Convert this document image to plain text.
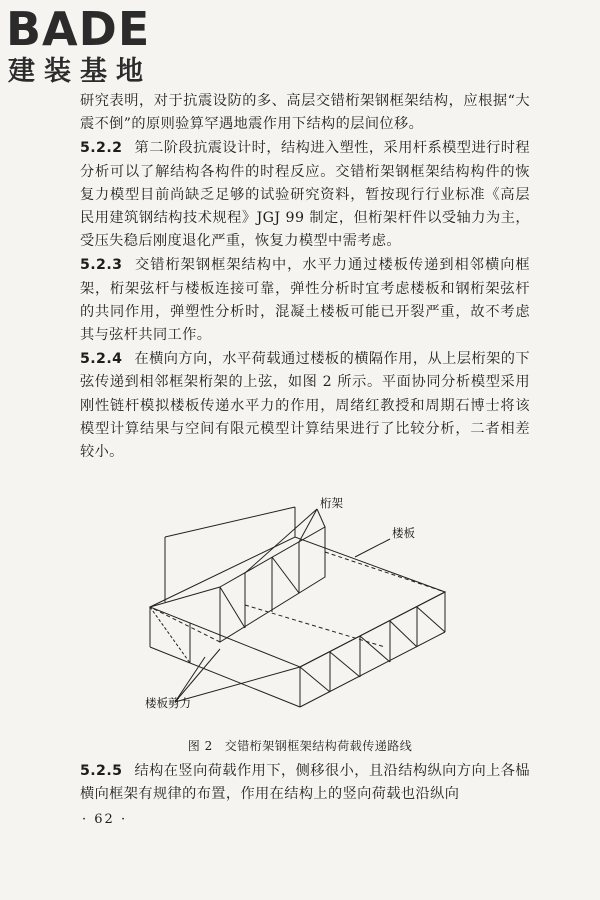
BADE
建装基地

研究表明，对于抗震设防的多、高层交错桁架钢框架结构，应根据“大震不倒”的原则验算罕遇地震作用下结构的层间位移。

5.2.2 第二阶段抗震设计时，结构进入塑性，采用杆系模型进行时程分析可以了解结构各构件的时程反应。交错桁架钢框架结构构件的恢复力模型目前尚缺乏足够的试验研究资料，暂按现行行业标准《高层民用建筑钢结构技术规程》JGJ 99 制定，但桁架杆件以受轴力为主，受压失稳后刚度退化严重，恢复力模型中需考虑。

5.2.3 交错桁架钢框架结构中，水平力通过楼板传递到相邻横向框架，桁架弦杆与楼板连接可靠，弹性分析时宜考虑楼板和钢桁架弦杆的共同作用，弹塑性分析时，混凝土楼板可能已开裂严重，故不考虑其与弦杆共同工作。

5.2.4 在横向方向，水平荷载通过楼板的横隔作用，从上层桁架的下弦传递到相邻框架桁架的上弦，如图 2 所示。平面协同分析模型采用刚性链杆模拟楼板传递水平力的作用，周绪红教授和周期石博士将该模型计算结果与空间有限元模型计算结果进行了比较分析，二者相差较小。

桁架
楼板
楼板剪力
图 2 交错桁架钢框架结构荷载传递路线

5.2.5 结构在竖向荷载作用下，侧移很小，且沿结构纵向方向上各榀横向框架有规律的布置，作用在结构上的竖向荷载也沿纵向

· 62 ·
